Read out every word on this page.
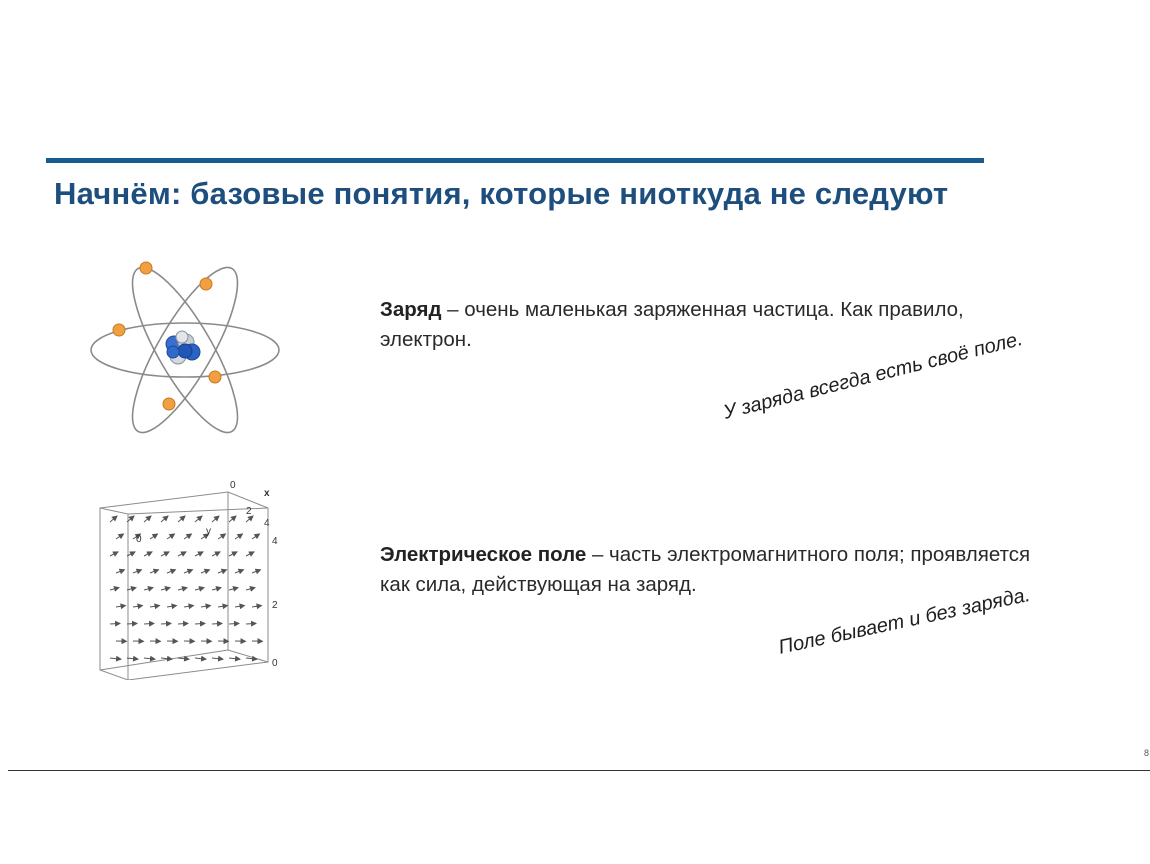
Начнём: базовые понятия, которые ниоткуда не следуют

Заряд – очень маленькая заряженная частица. Как правило, электрон.	У заряда всегда есть своё поле.

0
x
2
y
4
4
2
0
0

Электрическое поле – часть электромагнитного поля; проявляется как сила, действующая на заряд.	Поле бывает и без заряда.

8
